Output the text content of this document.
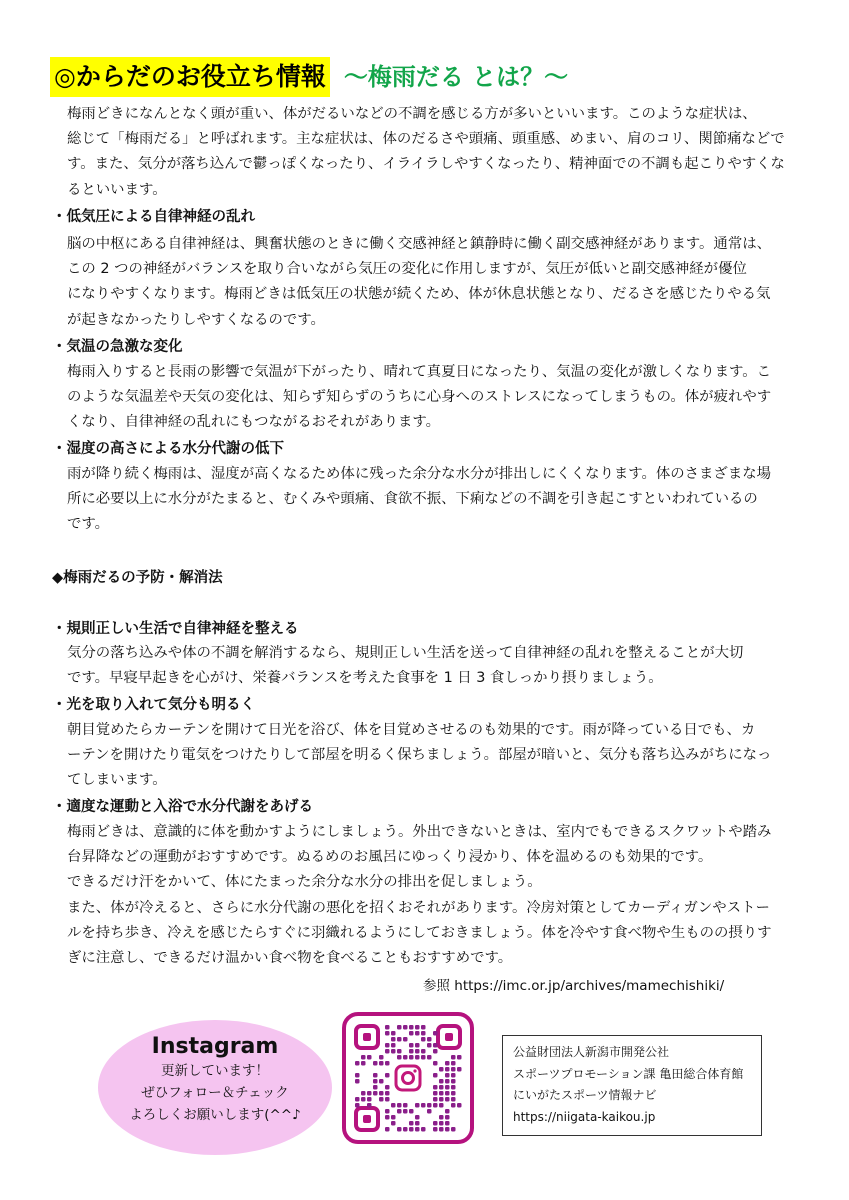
◎からだのお役立ち情報 ～梅雨だる とは？～
梅雨どきになんとなく頭が重い、体がだるいなどの不調を感じる方が多いといいます。このような症状は、
総じて「梅雨だる」と呼ばれます。主な症状は、体のだるさや頭痛、頭重感、めまい、肩のコリ、関節痛などで
す。また、気分が落ち込んで鬱っぽくなったり、イライラしやすくなったり、精神面での不調も起こりやすくな
るといいます。
・低気圧による自律神経の乱れ
脳の中枢にある自律神経は、興奮状態のときに働く交感神経と鎮静時に働く副交感神経があります。通常は、
この 2 つの神経がバランスを取り合いながら気圧の変化に作用しますが、気圧が低いと副交感神経が優位
になりやすくなります。梅雨どきは低気圧の状態が続くため、体が休息状態となり、だるさを感じたりやる気
が起きなかったりしやすくなるのです。
・気温の急激な変化
梅雨入りすると長雨の影響で気温が下がったり、晴れて真夏日になったり、気温の変化が激しくなります。こ
のような気温差や天気の変化は、知らず知らずのうちに心身へのストレスになってしまうもの。体が疲れやす
くなり、自律神経の乱れにもつながるおそれがあります。
・湿度の高さによる水分代謝の低下
雨が降り続く梅雨は、湿度が高くなるため体に残った余分な水分が排出しにくくなります。体のさまざまな場
所に必要以上に水分がたまると、むくみや頭痛、食欲不振、下痢などの不調を引き起こすといわれているの
です。
◆梅雨だるの予防・解消法
・規則正しい生活で自律神経を整える
気分の落ち込みや体の不調を解消するなら、規則正しい生活を送って自律神経の乱れを整えることが大切
です。早寝早起きを心がけ、栄養バランスを考えた食事を 1 日 3 食しっかり摂りましょう。
・光を取り入れて気分も明るく
朝目覚めたらカーテンを開けて日光を浴び、体を目覚めさせるのも効果的です。雨が降っている日でも、カ
ーテンを開けたり電気をつけたりして部屋を明るく保ちましょう。部屋が暗いと、気分も落ち込みがちになっ
てしまいます。
・適度な運動と入浴で水分代謝をあげる
梅雨どきは、意識的に体を動かすようにしましょう。外出できないときは、室内でもできるスクワットや踏み
台昇降などの運動がおすすめです。ぬるめのお風呂にゆっくり浸かり、体を温めるのも効果的です。
できるだけ汗をかいて、体にたまった余分な水分の排出を促しましょう。
また、体が冷えると、さらに水分代謝の悪化を招くおそれがあります。冷房対策としてカーディガンやストー
ルを持ち歩き、冷えを感じたらすぐに羽織れるようにしておきましょう。体を冷やす食べ物や生ものの摂りす
ぎに注意し、できるだけ温かい食べ物を食べることもおすすめです。
参照 https://imc.or.jp/archives/mamechishiki/
Instagram
更新しています！
ぜひフォロー＆チェック
よろしくお願いします(^^♪
公益財団法人新潟市開発公社
スポーツプロモーション課 亀田総合体育館
にいがたスポーツ情報ナビ
https://niigata-kaikou.jp
